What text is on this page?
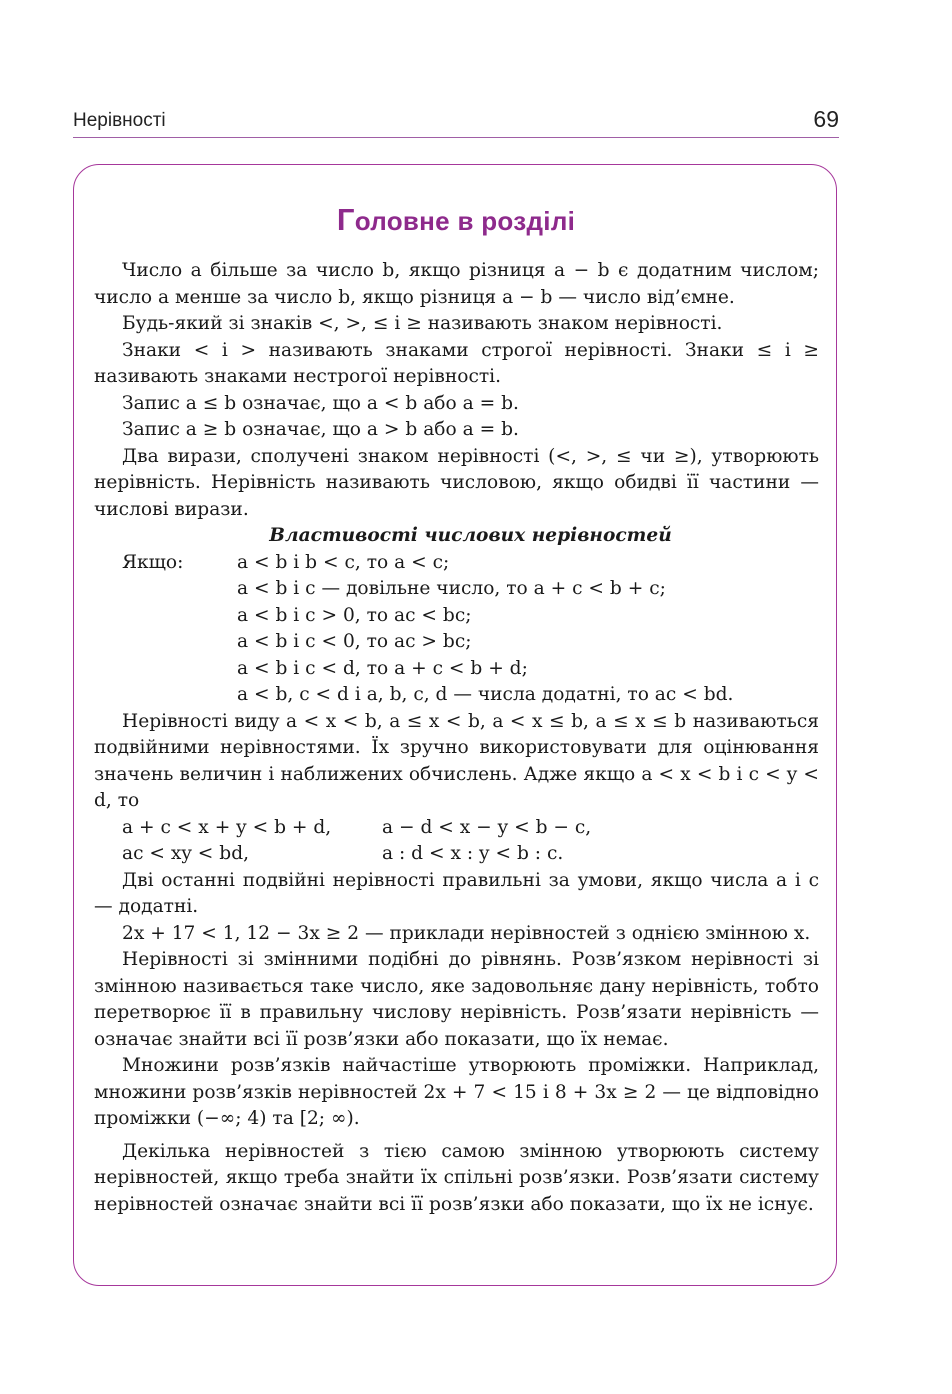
Нерівності	69
Головне в розділі

Число a більше за число b, якщо різниця a − b є додатним числом; число a менше за число b, якщо різниця a − b — число від’ємне.

Будь-який зі знаків <, >, ≤ і ≥ називають знаком нерівності.

Знаки < і > називають знаками строгої нерівності. Знаки ≤ і ≥ називають знаками нестрогої нерівності.

Запис a ≤ b означає, що a < b або a = b.

Запис a ≥ b означає, що a > b або a = b.

Два вирази, сполучені знаком нерівності (<, >, ≤ чи ≥), утворюють нерівність. Нерівність називають числовою, якщо обидві її частини — числові вирази.

Властивості числових нерівностей

Якщо:	a < b і b < c, то a < c;
a < b і c — довільне число, то a + c < b + c;
a < b і c > 0, то ac < bc;
a < b і c < 0, то ac > bc;
a < b і c < d, то a + c < b + d;
a < b, c < d і a, b, c, d — числа додатні, то ac < bd.

Нерівності виду a < x < b, a ≤ x < b, a < x ≤ b, a ≤ x ≤ b називаються подвійними нерівностями. Їх зручно використовувати для оцінювання значень величин і наближених обчислень. Адже якщо a < x < b і c < y < d, то

a + c < x + y < b + d,	a − d < x − y < b − c,
ac < xy < bd,	a : d < x : y < b : c.

Дві останні подвійні нерівності правильні за умови, якщо числа a і c — додатні.

2x + 17 < 1, 12 − 3x ≥ 2 — приклади нерівностей з однією змінною x.

Нерівності зі змінними подібні до рівнянь. Розв’язком нерівності зі змінною називається таке число, яке задовольняє дану нерівність, тобто перетворює її в правильну числову нерівність. Розв’язати нерівність — означає знайти всі її розв’язки або показати, що їх немає.

Множини розв’язків найчастіше утворюють проміжки. Наприклад, множини розв’язків нерівностей 2x + 7 < 15 і 8 + 3x ≥ 2 — це відповідно проміжки (−∞; 4) та [2; ∞).

Декілька нерівностей з тією самою змінною утворюють систему нерівностей, якщо треба знайти їх спільні розв’язки. Розв’язати систему нерівностей означає знайти всі її розв’язки або показати, що їх не існує.
